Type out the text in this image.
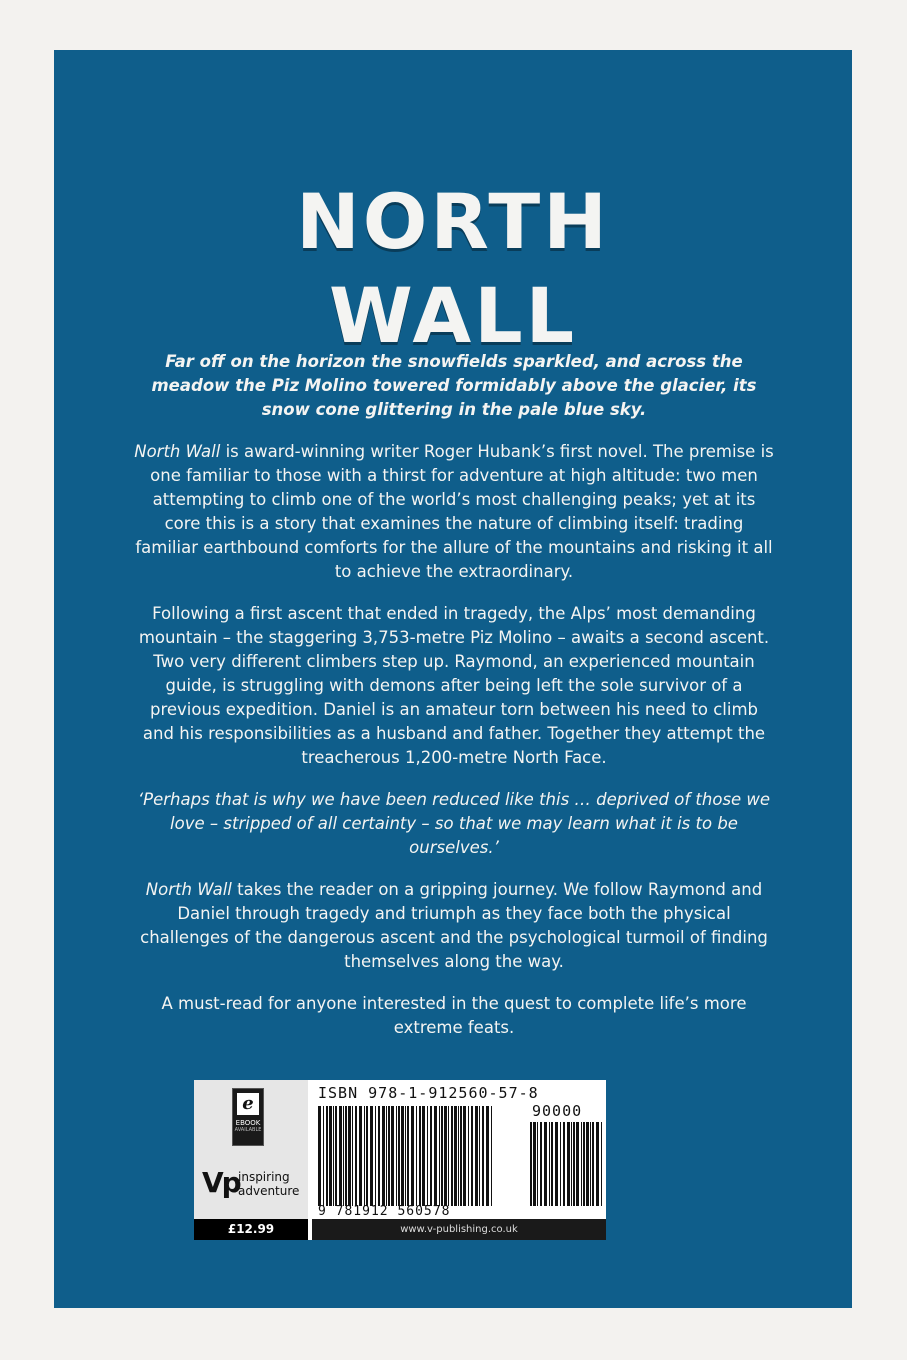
NORTH
WALL

Far off on the horizon the snowfields sparkled, and across the meadow the Piz Molino towered formidably above the glacier, its snow cone glittering in the pale blue sky.

North Wall is award-winning writer Roger Hubank’s first novel. The premise is one familiar to those with a thirst for adventure at high altitude: two men attempting to climb one of the world’s most challenging peaks; yet at its core this is a story that examines the nature of climbing itself: trading familiar earthbound comforts for the allure of the mountains and risking it all to achieve the extraordinary.

Following a first ascent that ended in tragedy, the Alps’ most demanding mountain – the staggering 3,753-metre Piz Molino – awaits a second ascent. Two very different climbers step up. Raymond, an experienced mountain guide, is struggling with demons after being left the sole survivor of a previous expedition. Daniel is an amateur torn between his need to climb and his responsibilities as a husband and father. Together they attempt the treacherous 1,200-metre North Face.

‘Perhaps that is why we have been reduced like this … deprived of those we love – stripped of all certainty – so that we may learn what it is to be ourselves.’

North Wall takes the reader on a gripping journey. We follow Raymond and Daniel through tragedy and triumph as they face both the physical challenges of the dangerous ascent and the psychological turmoil of finding themselves along the way.

A must-read for anyone interested in the quest to complete life’s more extreme feats.

e
EBOOK
AVAILABLE
Vp
inspiring
adventure
ISBN 978-1-912560-57-8
90000
9 781912 560578
£12.99	www.v-publishing.co.uk
